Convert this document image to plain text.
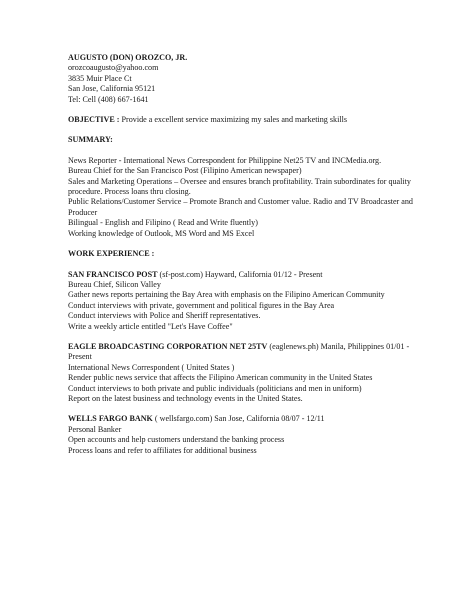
AUGUSTO (DON) OROZCO, JR.
orozcoaugusto@yahoo.com
3835 Muir Place Ct
San Jose, California 95121
Tel: Cell (408) 667-1641
OBJECTIVE : Provide a excellent service maximizing my sales and marketing skills
SUMMARY:
News Reporter - International News Correspondent for Philippine Net25 TV and INCMedia.org.
Bureau Chief for the San Francisco Post (Filipino American newspaper)
Sales and Marketing Operations – Oversee and ensures branch profitability. Train subordinates for quality procedure. Process loans thru closing.
Public Relations/Customer Service – Promote Branch and Customer value. Radio and TV Broadcaster and Producer
Bilingual - English and Filipino ( Read and Write fluently)
Working knowledge of Outlook, MS Word and MS Excel
WORK EXPERIENCE :
SAN FRANCISCO POST (sf-post.com) Hayward, California 01/12 - Present
Bureau Chief, Silicon Valley
Gather news reports pertaining the Bay Area with emphasis on the Filipino American Community
Conduct interviews with private, government and political figures in the Bay Area
Conduct interviews with Police and Sheriff representatives.
Write a weekly article entitled "Let's Have Coffee"
EAGLE BROADCASTING CORPORATION NET 25TV (eaglenews.ph) Manila, Philippines 01/01 - Present
International News Correspondent ( United States )
Render public news service that affects the Filipino American community in the United States
Conduct interviews to both private and public individuals (politicians and men in uniform)
Report on the latest business and technology events in the United States.
WELLS FARGO BANK ( wellsfargo.com) San Jose, California 08/07 - 12/11
Personal Banker
Open accounts and help customers understand the banking process
Process loans and refer to affiliates for additional business
